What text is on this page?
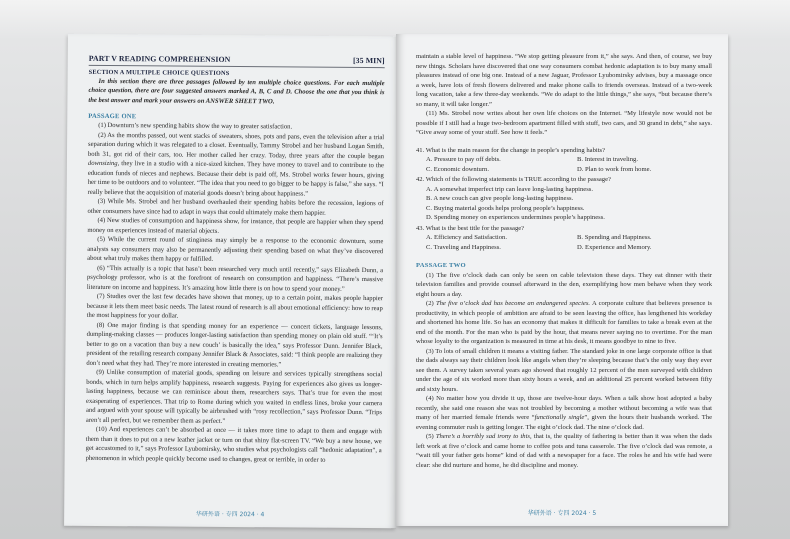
PART V READING COMPREHENSION	[35 MIN]
SECTION A MULTIPLE CHOICE QUESTIONS

In this section there are three passages followed by ten multiple choice questions. For each multiple choice question, there are four suggested answers marked A, B, C and D. Choose the one that you think is the best answer and mark your answers on ANSWER SHEET TWO.

PASSAGE ONE

(1) Downturn’s new spending habits show the way to greater satisfaction.

(2) As the months passed, out went stacks of sweaters, shoes, pots and pans, even the television after a trial separation during which it was relegated to a closet. Eventually, Tammy Strobel and her husband Logan Smith, both 31, got rid of their cars, too. Her mother called her crazy. Today, three years after the couple began downsizing, they live in a studio with a nice-sized kitchen. They have money to travel and to contribute to the education funds of nieces and nephews. Because their debt is paid off, Ms. Strobel works fewer hours, giving her time to be outdoors and to volunteer. “The idea that you need to go bigger to be happy is false,” she says. “I really believe that the acquisition of material goods doesn’t bring about happiness.”

(3) While Ms. Strobel and her husband overhauled their spending habits before the recession, legions of other consumers have since had to adapt in ways that could ultimately make them happier.

(4) New studies of consumption and happiness show, for instance, that people are happier when they spend money on experiences instead of material objects.

(5) While the current round of stinginess may simply be a response to the economic downturn, some analysts say consumers may also be permanently adjusting their spending based on what they’ve discovered about what truly makes them happy or fulfilled.

(6) “This actually is a topic that hasn’t been researched very much until recently,” says Elizabeth Dunn, a psychology professor, who is at the forefront of research on consumption and happiness. “There’s massive literature on income and happiness. It’s amazing how little there is on how to spend your money.”

(7) Studies over the last few decades have shown that money, up to a certain point, makes people happier because it lets them meet basic needs. The latest round of research is all about emotional efficiency: how to reap the most happiness for your dollar.

(8) One major finding is that spending money for an experience — concert tickets, language lessons, dumpling-making classes — produces longer-lasting satisfaction than spending money on plain old stuff. “‘It’s better to go on a vacation than buy a new couch’ is basically the idea,” says Professor Dunn. Jennifer Black, president of the retailing research company Jennifer Black & Associates, said: “I think people are realizing they don’t need what they had. They’re more interested in creating memories.”

(9) Unlike consumption of material goods, spending on leisure and services typically strengthens social bonds, which in turn helps amplify happiness, research suggests. Paying for experiences also gives us longer-lasting happiness, because we can reminisce about them, researchers says. That’s true for even the most exasperating of experiences. That trip to Rome during which you waited in endless lines, broke your camera and argued with your spouse will typically be airbrushed with “rosy recollection,” says Professor Dunn. “Trips aren’t all perfect, but we remember them as perfect.”

(10) And experiences can’t be absorbed at once — it takes more time to adapt to them and engage with them than it does to put on a new leather jacket or turn on that shiny flat-screen TV. “We buy a new house, we get accustomed to it,” says Professor Lyubomirsky, who studies what psychologists call “hedonic adaptation”, a phenomenon in which people quickly become used to changes, great or terrible, in order to

华研外语 · 专四 2024 · 4

maintain a stable level of happiness. “We stop getting pleasure from it,” she says. And then, of course, we buy new things. Scholars have discovered that one way consumers combat hedonic adaptation is to buy many small pleasures instead of one big one. Instead of a new Jaguar, Professor Lyubomirsky advises, buy a massage once a week, have lots of fresh flowers delivered and make phone calls to friends overseas. Instead of a two-week long vacation, take a few three-day weekends. “We do adapt to the little things,” she says, “but because there’s so many, it will take longer.”

(11) Ms. Strobel now writes about her own life choices on the Internet. “My lifestyle now would not be possible if I still had a huge two-bedroom apartment filled with stuff, two cars, and 30 grand in debt,” she says. “Give away some of your stuff. See how it feels.”

41. What is the main reason for the change in people’s spending habits?

A. Pressure to pay off debts.	B. Interest in traveling.
C. Economic downturn.	D. Plan to work from home.

42. Which of the following statements is TRUE according to the passage?

A. A somewhat imperfect trip can leave long-lasting happiness.
B. A new couch can give people long-lasting happiness.
C. Buying material goods helps prolong people’s happiness.
D. Spending money on experiences undermines people’s happiness.

43. What is the best title for the passage?

A. Efficiency and Satisfaction.	B. Spending and Happiness.
C. Traveling and Happiness.	D. Experience and Memory.
PASSAGE TWO

(1) The five o’clock dads can only be seen on cable television these days. They eat dinner with their television families and provide counsel afterward in the den, exemplifying how men behave when they work eight hours a day.

(2) The five o’clock dad has become an endangered species. A corporate culture that believes presence is productivity, in which people of ambition are afraid to be seen leaving the office, has lengthened his workday and shortened his home life. So has an economy that makes it difficult for families to take a break even at the end of the month. For the man who is paid by the hour, that means never saying no to overtime. For the man whose loyalty to the organization is measured in time at his desk, it means goodbye to nine to five.

(3) To lots of small children it means a visiting father. The standard joke in one large corporate office is that the dads always say their children look like angels when they’re sleeping because that’s the only way they ever see them. A survey taken several years ago showed that roughly 12 percent of the men surveyed with children under the age of six worked more than sixty hours a week, and an additional 25 percent worked between fifty and sixty hours.

(4) No matter how you divide it up, those are twelve-hour days. When a talk show host adopted a baby recently, she said one reason she was not troubled by becoming a mother without becoming a wife was that many of her married female friends were “functionally single”, given the hours their husbands worked. The evening commuter rush is getting longer. The eight o’clock dad. The nine o’clock dad.

(5) There’s a horribly sad irony to this, that is, the quality of fathering is better than it was when the dads left work at five o’clock and came home to coffee pots and tuna casserole. The five o’clock dad was remote, a “wait till your father gets home” kind of dad with a newspaper for a face. The roles he and his wife had were clear: she did nurture and home, he did discipline and money.

华研外语 · 专四 2024 · 5
